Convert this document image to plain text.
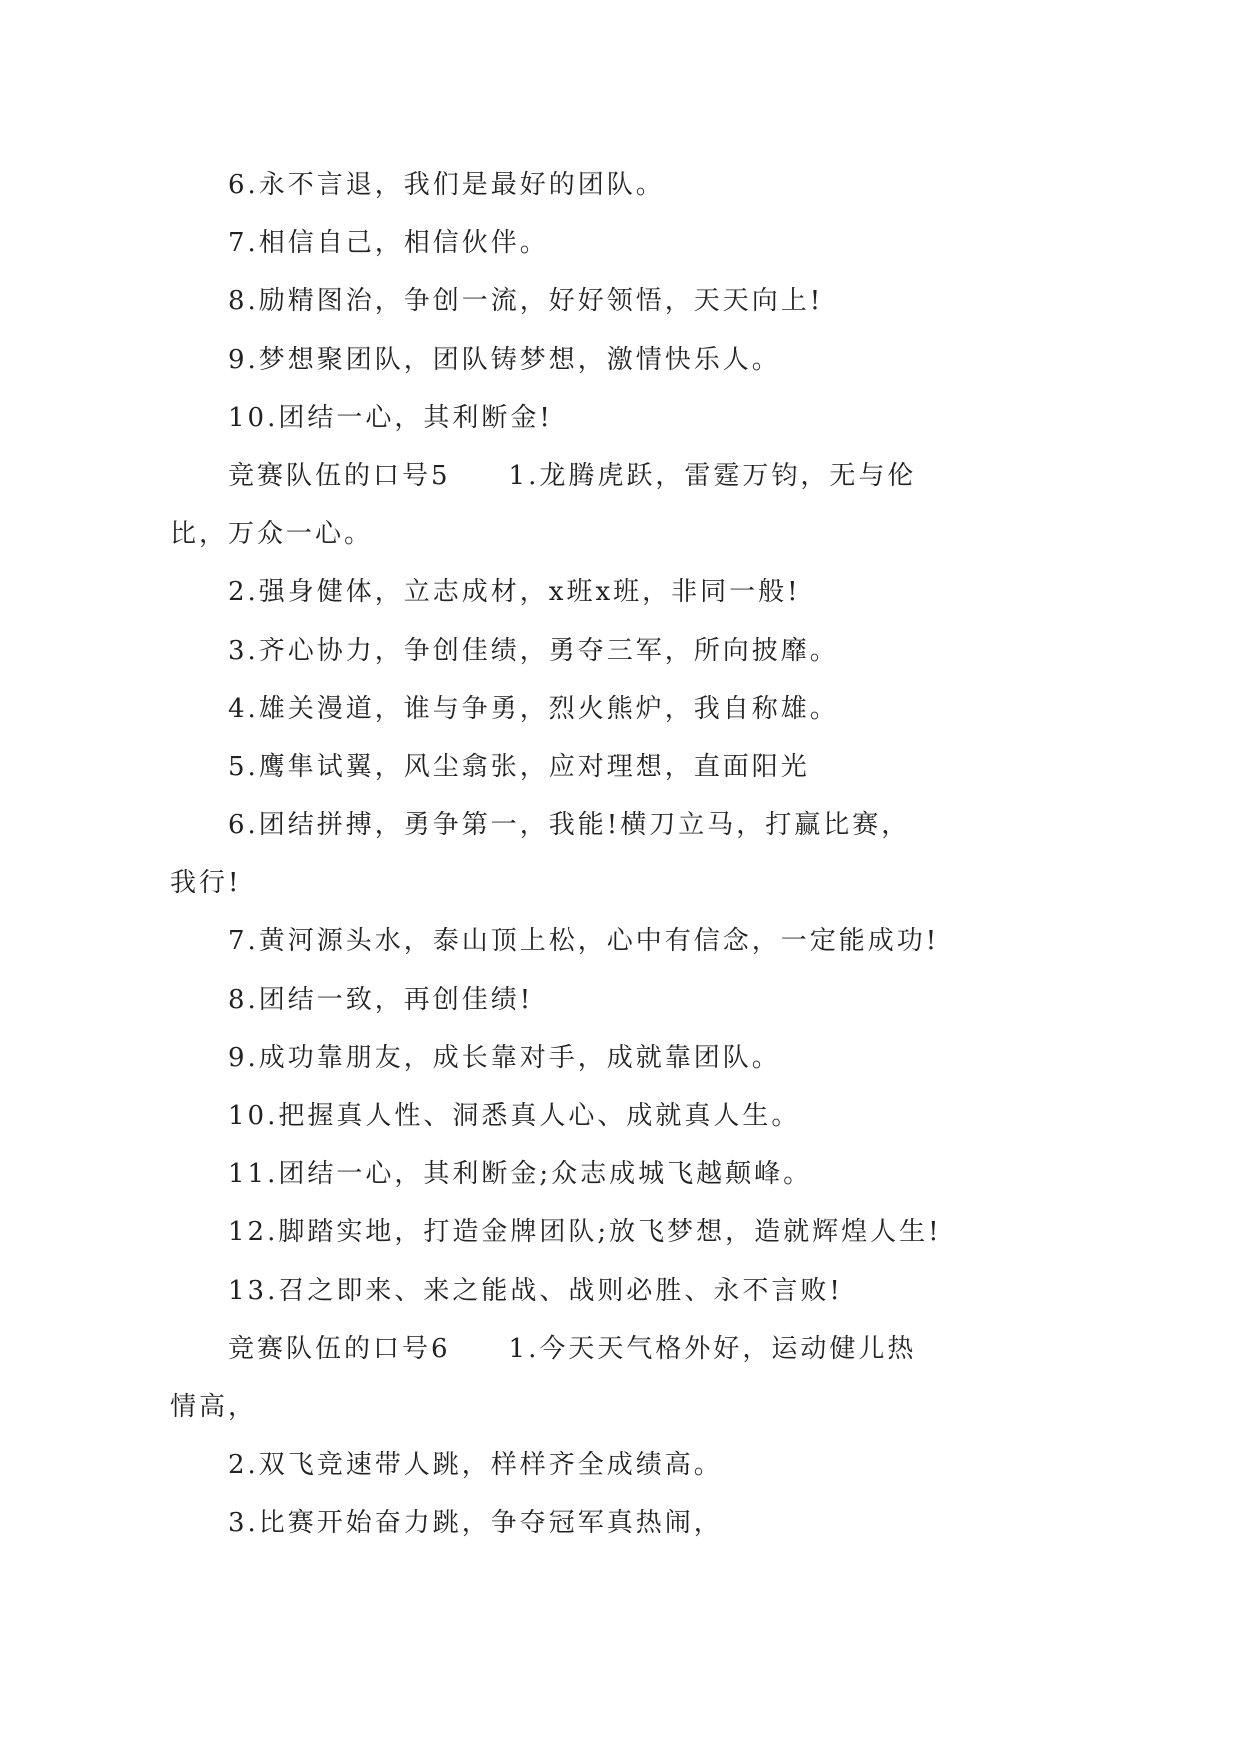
6.永不言退，我们是最好的团队。

7.相信自己，相信伙伴。

8.励精图治，争创一流，好好领悟，天天向上!

9.梦想聚团队，团队铸梦想，激情快乐人。

10.团结一心，其利断金!

竞赛队伍的口号5　　1.龙腾虎跃，雷霆万钧，无与伦
比，万众一心。

2.强身健体，立志成材，x班x班，非同一般!

3.齐心协力，争创佳绩，勇夺三军，所向披靡。

4.雄关漫道，谁与争勇，烈火熊炉，我自称雄。

5.鹰隼试翼，风尘翕张，应对理想，直面阳光

6.团结拼搏，勇争第一，我能!横刀立马，打赢比赛，
我行!

7.黄河源头水，泰山顶上松，心中有信念，一定能成功!

8.团结一致，再创佳绩!

9.成功靠朋友，成长靠对手，成就靠团队。

10.把握真人性、洞悉真人心、成就真人生。

11.团结一心，其利断金;众志成城飞越颠峰。

12.脚踏实地，打造金牌团队;放飞梦想，造就辉煌人生!

13.召之即来、来之能战、战则必胜、永不言败!

竞赛队伍的口号6　　1.今天天气格外好，运动健儿热
情高，

2.双飞竞速带人跳，样样齐全成绩高。

3.比赛开始奋力跳，争夺冠军真热闹，
